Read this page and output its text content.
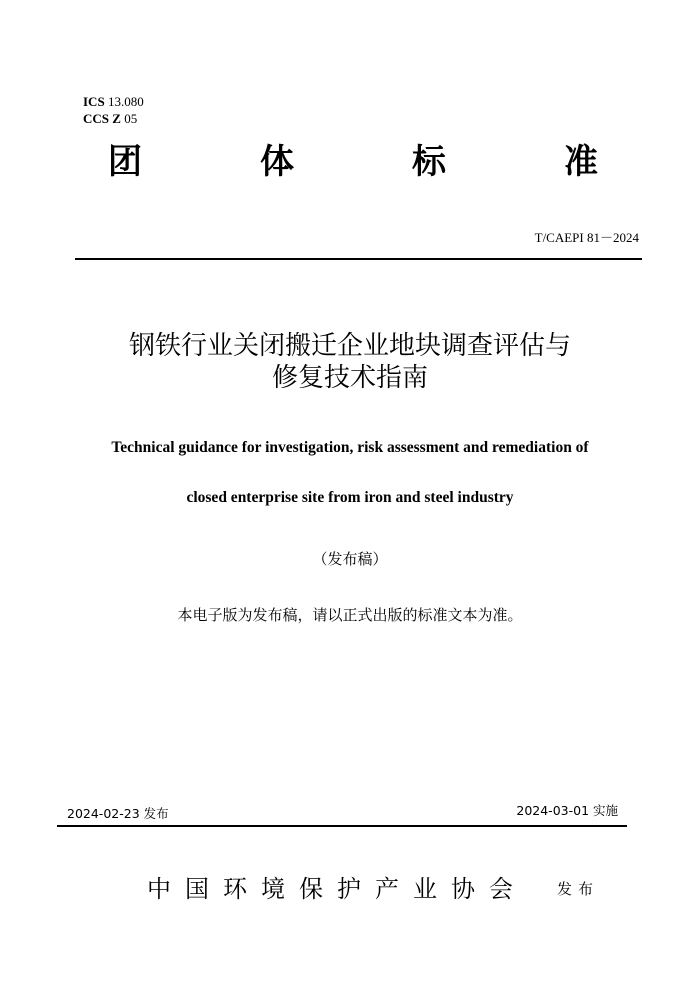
ICS 13.080
CCS Z 05
团	体	标	准
T/CAEPI 81－2024
钢铁行业关闭搬迁企业地块调查评估与
修复技术指南
Technical guidance for investigation, risk assessment and remediation of
closed enterprise site from iron and steel industry
（发布稿）
本电子版为发布稿，请以正式出版的标准文本为准。
2024-02-23 发布	2024-03-01 实施
中国环境保护产业协会 发布
